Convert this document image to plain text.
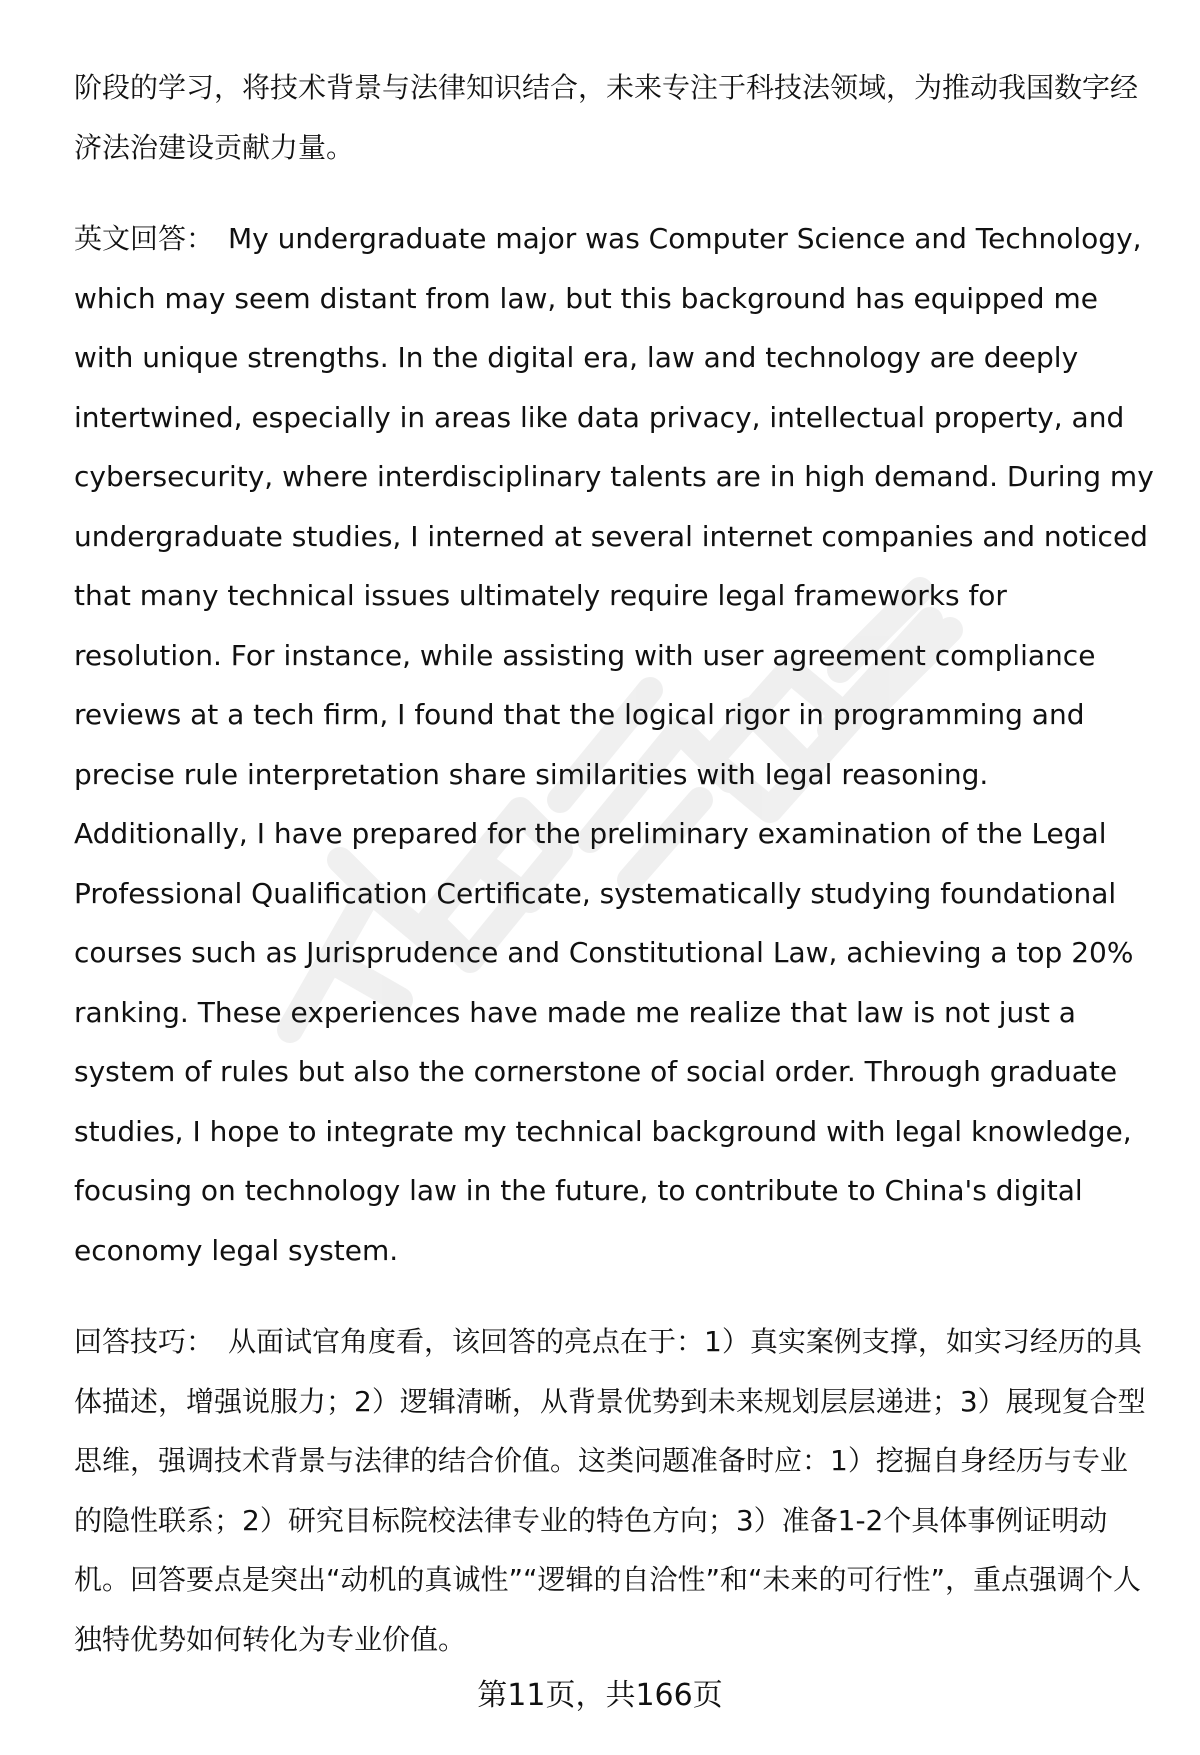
阶段的学习，将技术背景与法律知识结合，未来专注于科技法领域，为推动我国数字经济法治建设贡献力量。

英文回答： My undergraduate major was Computer Science and Technology, which may seem distant from law, but this background has equipped me with unique strengths. In the digital era, law and technology are deeply intertwined, especially in areas like data privacy, intellectual property, and cybersecurity, where interdisciplinary talents are in high demand. During my undergraduate studies, I interned at several internet companies and noticed that many technical issues ultimately require legal frameworks for resolution. For instance, while assisting with user agreement compliance reviews at a tech firm, I found that the logical rigor in programming and precise rule interpretation share similarities with legal reasoning. Additionally, I have prepared for the preliminary examination of the Legal Professional Qualification Certificate, systematically studying foundational courses such as Jurisprudence and Constitutional Law, achieving a top 20% ranking. These experiences have made me realize that law is not just a system of rules but also the cornerstone of social order. Through graduate studies, I hope to integrate my technical background with legal knowledge, focusing on technology law in the future, to contribute to China's digital economy legal system.

回答技巧： 从面试官角度看，该回答的亮点在于：1）真实案例支撑，如实习经历的具体描述，增强说服力；2）逻辑清晰，从背景优势到未来规划层层递进；3）展现复合型思维，强调技术背景与法律的结合价值。这类问题准备时应：1）挖掘自身经历与专业的隐性联系；2）研究目标院校法律专业的特色方向；3）准备1-2个具体事例证明动机。回答要点是突出“动机的真诚性”“逻辑的自洽性”和“未来的可行性”，重点强调个人独特优势如何转化为专业价值。

第11页，共166页
